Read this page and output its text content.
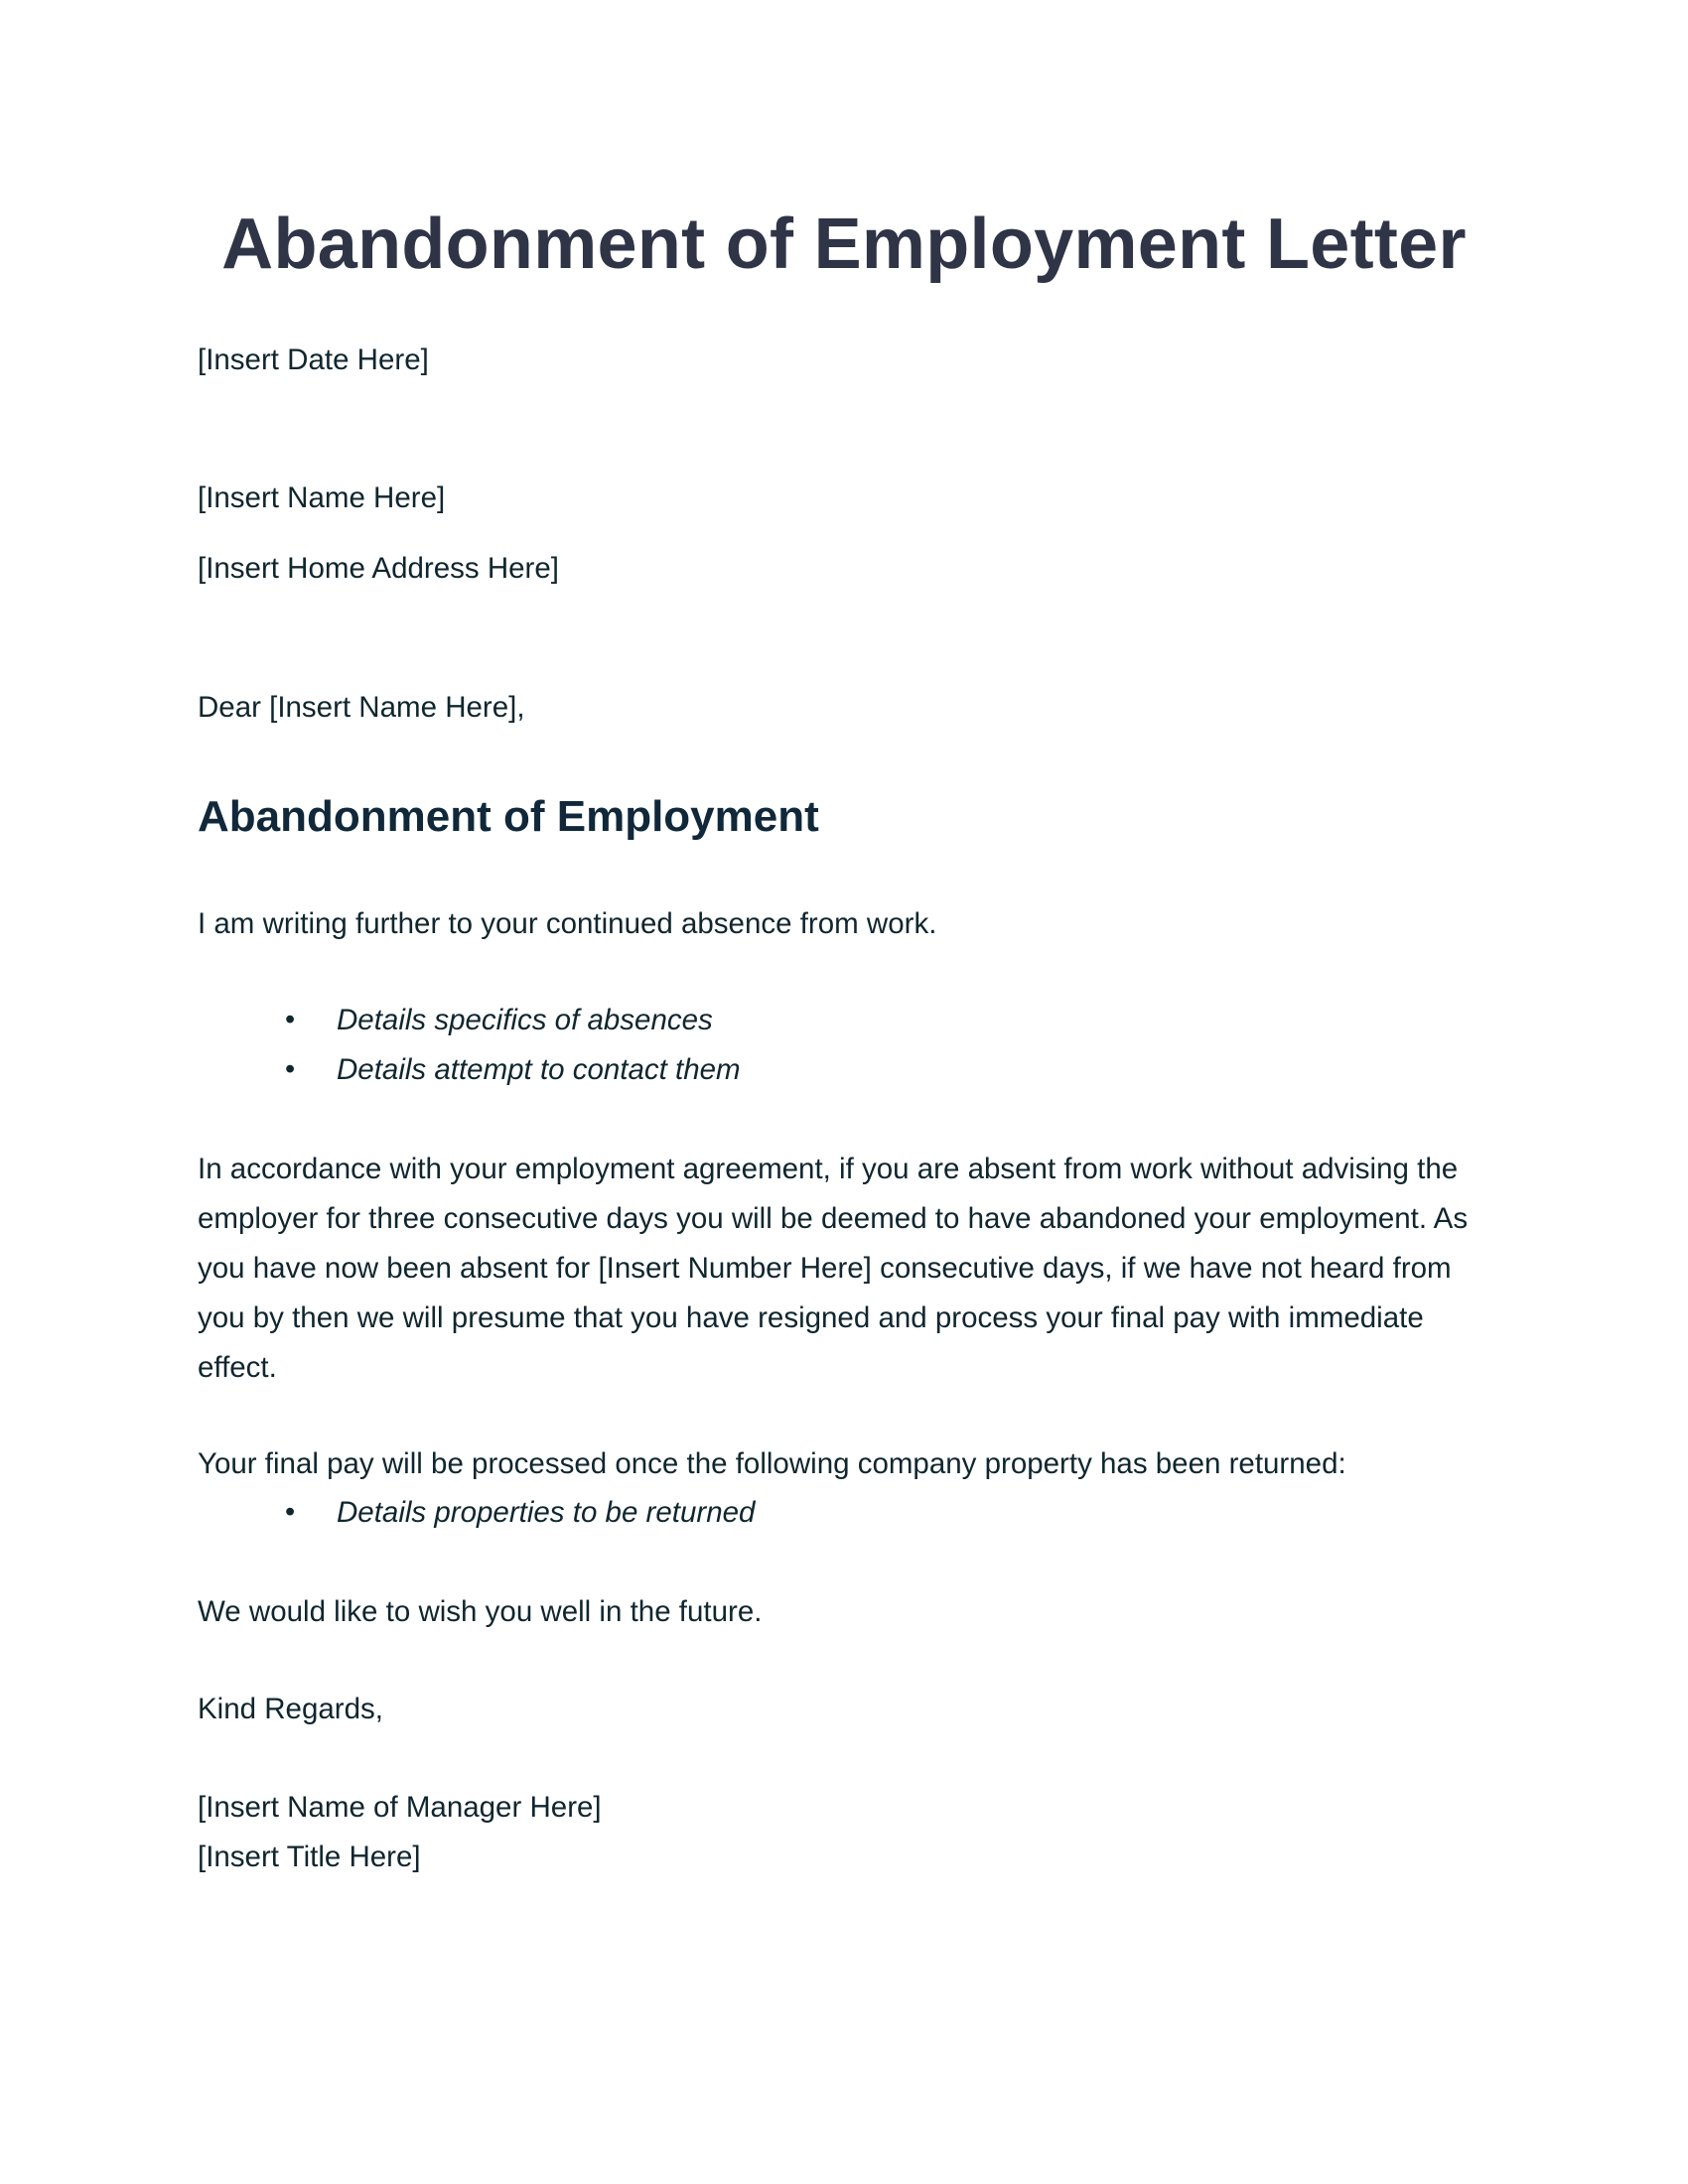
Abandonment of Employment Letter
[Insert Date Here]
[Insert Name Here]
[Insert Home Address Here]
Dear [Insert Name Here],
Abandonment of Employment
I am writing further to your continued absence from work.
• Details specifics of absences
• Details attempt to contact them
In accordance with your employment agreement, if you are absent from work without advising the
employer for three consecutive days you will be deemed to have abandoned your employment. As
you have now been absent for [Insert Number Here] consecutive days, if we have not heard from
you by then we will presume that you have resigned and process your final pay with immediate
effect.
Your final pay will be processed once the following company property has been returned:
• Details properties to be returned
We would like to wish you well in the future.
Kind Regards,
[Insert Name of Manager Here]
[Insert Title Here]
